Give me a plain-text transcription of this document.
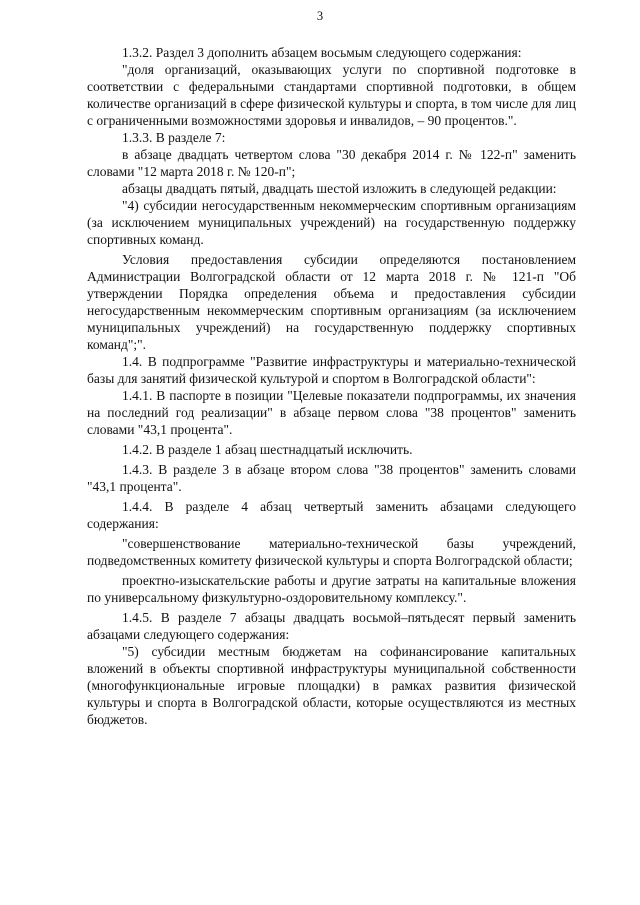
3

1.3.2. Раздел 3 дополнить абзацем восьмым следующего содержания:

"доля организаций, оказывающих услуги по спортивной подготовке в соответствии с федеральными стандартами спортивной подготовки, в общем количестве организаций в сфере физической культуры и спорта, в том числе для лиц с ограниченными возможностями здоровья и инвалидов, – 90 процентов.".

1.3.3. В разделе 7:

в абзаце двадцать четвертом слова "30 декабря 2014 г. № 122-п" заменить словами "12 марта 2018 г. № 120-п";

абзацы двадцать пятый, двадцать шестой изложить в следующей редакции:

"4) субсидии негосударственным некоммерческим спортивным организациям (за исключением муниципальных учреждений) на государственную поддержку спортивных команд.

Условия предоставления субсидии определяются постановлением Администрации Волгоградской области от 12 марта 2018 г. № 121-п "Об утверждении Порядка определения объема и предоставления субсидии негосударственным некоммерческим спортивным организациям (за исключением муниципальных учреждений) на государственную поддержку спортивных команд";".

1.4. В подпрограмме "Развитие инфраструктуры и материально-технической базы для занятий физической культурой и спортом в Волгоградской области":

1.4.1. В паспорте в позиции "Целевые показатели подпрограммы, их значения на последний год реализации" в абзаце первом слова "38 процентов" заменить словами "43,1 процента".

1.4.2. В разделе 1 абзац шестнадцатый исключить.

1.4.3. В разделе 3 в абзаце втором слова "38 процентов" заменить словами "43,1 процента".

1.4.4. В разделе 4 абзац четвертый заменить абзацами следующего содержания:

"совершенствование материально-технической базы учреждений, подведомственных комитету физической культуры и спорта Волгоградской области;

проектно-изыскательские работы и другие затраты на капитальные вложения по универсальному физкультурно-оздоровительному комплексу.".

1.4.5. В разделе 7 абзацы двадцать восьмой–пятьдесят первый заменить абзацами следующего содержания:

"5) субсидии местным бюджетам на софинансирование капитальных вложений в объекты спортивной инфраструктуры муниципальной собственности (многофункциональные игровые площадки) в рамках развития физической культуры и спорта в Волгоградской области, которые осуществляются из местных бюджетов.
